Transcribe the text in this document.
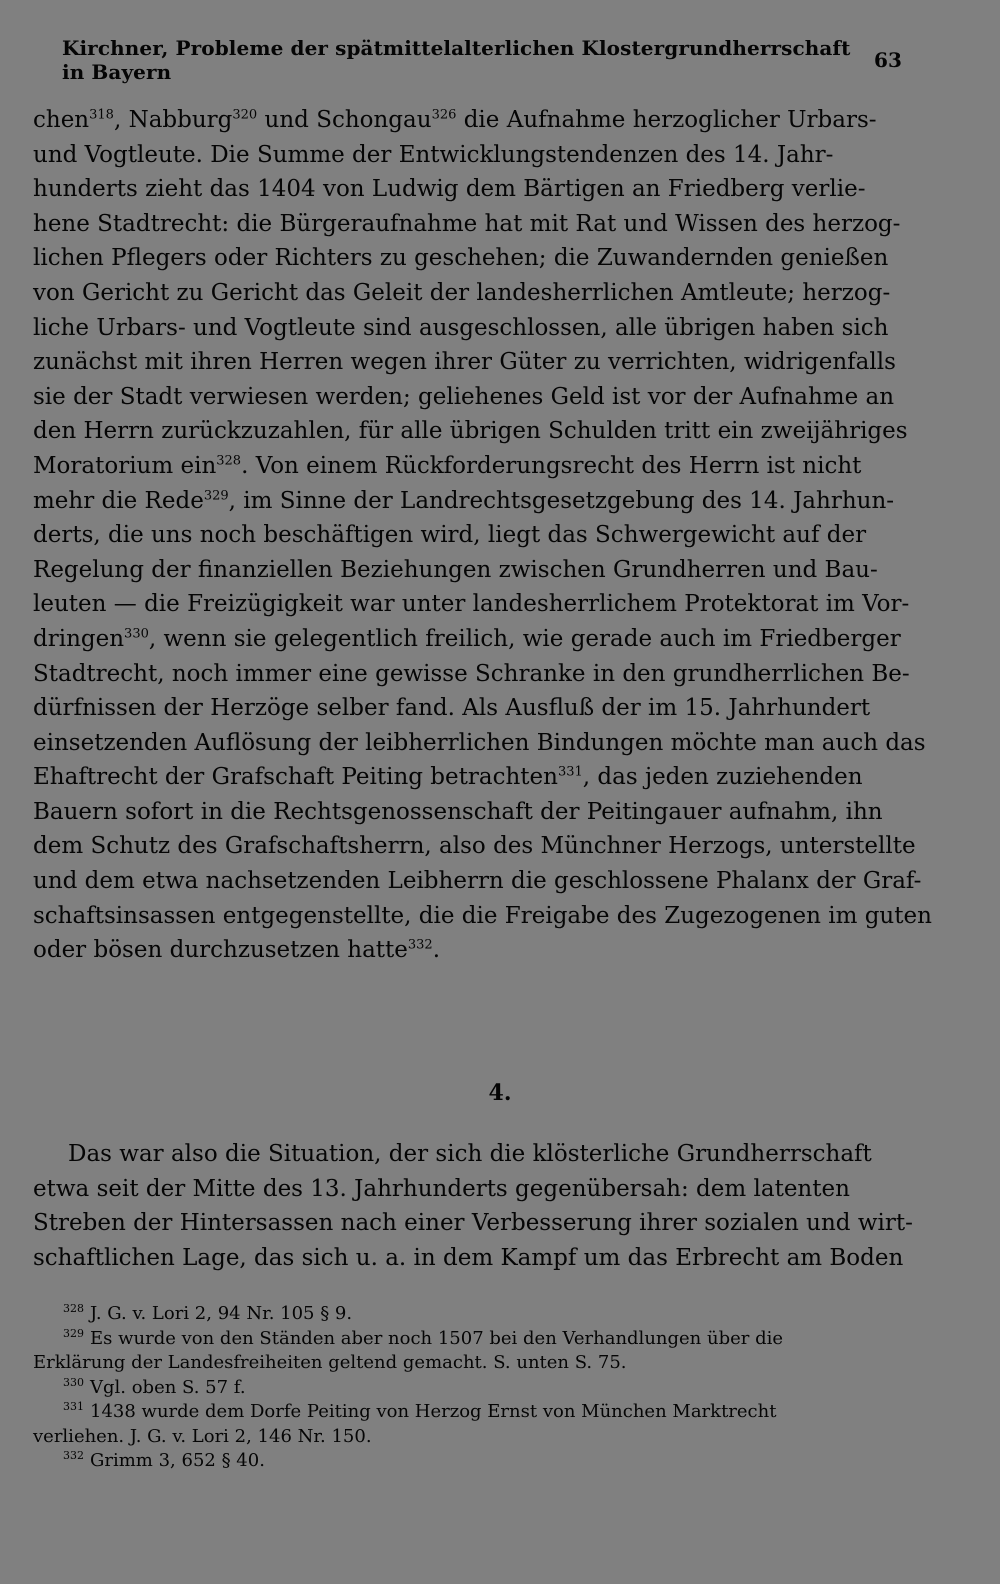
Kirchner, Probleme der spätmittelalterlichen Klostergrundherrschaft in Bayern	63
chen$^{318}$, Nabburg$^{320}$ und Schongau$^{326}$ die Aufnahme herzoglicher Urbars-
und Vogtleute. Die Summe der Entwicklungstendenzen des 14. Jahr-
hunderts zieht das 1404 von Ludwig dem Bärtigen an Friedberg verlie-
hene Stadtrecht: die Bürgeraufnahme hat mit Rat und Wissen des herzog-
lichen Pflegers oder Richters zu geschehen; die Zuwandernden genießen
von Gericht zu Gericht das Geleit der landesherrlichen Amtleute; herzog-
liche Urbars- und Vogtleute sind ausgeschlossen, alle übrigen haben sich
zunächst mit ihren Herren wegen ihrer Güter zu verrichten, widrigenfalls
sie der Stadt verwiesen werden; geliehenes Geld ist vor der Aufnahme an
den Herrn zurückzuzahlen, für alle übrigen Schulden tritt ein zweijähriges
Moratorium ein$^{328}$. Von einem Rückforderungsrecht des Herrn ist nicht
mehr die Rede$^{329}$, im Sinne der Landrechtsgesetzgebung des 14. Jahrhun-
derts, die uns noch beschäftigen wird, liegt das Schwergewicht auf der
Regelung der finanziellen Beziehungen zwischen Grundherren und Bau-
leuten — die Freizügigkeit war unter landesherrlichem Protektorat im Vor-
dringen$^{330}$, wenn sie gelegentlich freilich, wie gerade auch im Friedberger
Stadtrecht, noch immer eine gewisse Schranke in den grundherrlichen Be-
dürfnissen der Herzöge selber fand. Als Ausfluß der im 15. Jahrhundert
einsetzenden Auflösung der leibherrlichen Bindungen möchte man auch das
Ehaftrecht der Grafschaft Peiting betrachten$^{331}$, das jeden zuziehenden
Bauern sofort in die Rechtsgenossenschaft der Peitingauer aufnahm, ihn
dem Schutz des Grafschaftsherrn, also des Münchner Herzogs, unterstellte
und dem etwa nachsetzenden Leibherrn die geschlossene Phalanx der Graf-
schaftsinsassen entgegenstellte, die die Freigabe des Zugezogenen im guten
oder bösen durchzusetzen hatte$^{332}$.
4.
Das war also die Situation, der sich die klösterliche Grundherrschaft
etwa seit der Mitte des 13. Jahrhunderts gegenübersah: dem latenten
Streben der Hintersassen nach einer Verbesserung ihrer sozialen und wirt-
schaftlichen Lage, das sich u. a. in dem Kampf um das Erbrecht am Boden
$^{328}$ J. G. v. Lori 2, 94 Nr. 105 § 9.
$^{329}$ Es wurde von den Ständen aber noch 1507 bei den Verhandlungen über die
Erklärung der Landesfreiheiten geltend gemacht. S. unten S. 75.
$^{330}$ Vgl. oben S. 57 f.
$^{331}$ 1438 wurde dem Dorfe Peiting von Herzog Ernst von München Marktrecht
verliehen. J. G. v. Lori 2, 146 Nr. 150.
$^{332}$ Grimm 3, 652 § 40.
